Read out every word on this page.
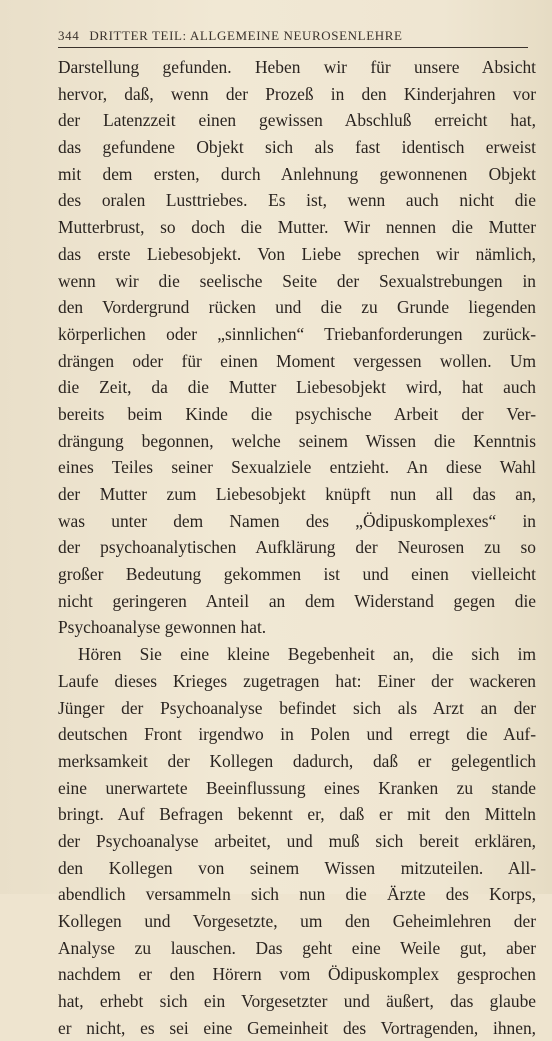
344 DRITTER TEIL: ALLGEMEINE NEUROSENLEHRE
Darstellung gefunden. Heben wir für unsere Absicht
hervor, daß, wenn der Prozeß in den Kinderjahren vor
der Latenzzeit einen gewissen Abschluß erreicht hat,
das gefundene Objekt sich als fast identisch erweist
mit dem ersten, durch Anlehnung gewonnenen Objekt
des oralen Lusttriebes. Es ist, wenn auch nicht die
Mutterbrust, so doch die Mutter. Wir nennen die Mutter
das erste Liebesobjekt. Von Liebe sprechen wir nämlich,
wenn wir die seelische Seite der Sexualstrebungen in
den Vordergrund rücken und die zu Grunde liegenden
körperlichen oder „sinnlichen“ Triebanforderungen zurück-
drängen oder für einen Moment vergessen wollen. Um
die Zeit, da die Mutter Liebesobjekt wird, hat auch
bereits beim Kinde die psychische Arbeit der Ver-
drängung begonnen, welche seinem Wissen die Kenntnis
eines Teiles seiner Sexualziele entzieht. An diese Wahl
der Mutter zum Liebesobjekt knüpft nun all das an,
was unter dem Namen des „Ödipuskomplexes“ in
der psychoanalytischen Aufklärung der Neurosen zu so
großer Bedeutung gekommen ist und einen vielleicht
nicht geringeren Anteil an dem Widerstand gegen die
Psychoanalyse gewonnen hat.
Hören Sie eine kleine Begebenheit an, die sich im
Laufe dieses Krieges zugetragen hat: Einer der wackeren
Jünger der Psychoanalyse befindet sich als Arzt an der
deutschen Front irgendwo in Polen und erregt die Auf-
merksamkeit der Kollegen dadurch, daß er gelegentlich
eine unerwartete Beeinflussung eines Kranken zu stande
bringt. Auf Befragen bekennt er, daß er mit den Mitteln
der Psychoanalyse arbeitet, und muß sich bereit erklären,
den Kollegen von seinem Wissen mitzuteilen. All-
abendlich versammeln sich nun die Ärzte des Korps,
Kollegen und Vorgesetzte, um den Geheimlehren der
Analyse zu lauschen. Das geht eine Weile gut, aber
nachdem er den Hörern vom Ödipuskomplex gesprochen
hat, erhebt sich ein Vorgesetzter und äußert, das glaube
er nicht, es sei eine Gemeinheit des Vortragenden, ihnen,
